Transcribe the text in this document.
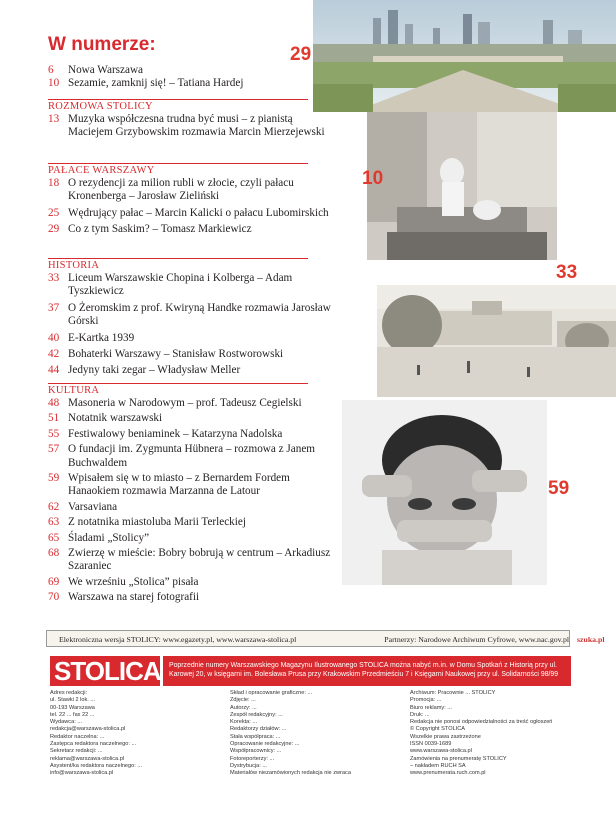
W numerze:
6	Nowa Warszawa
10 Sezamie, zamknij się! – Tatiana Hardej
ROZMOWA STOLICY
13 Muzyka współczesna trudna być musi – z pianistą Maciejem Grzybowskim rozmawia Marcin Mierzejewski
PAŁACE WARSZAWY
18 O rezydencji za milion rubli w złocie, czyli pałacu Kronenberga – Jarosław Zieliński
25 Wędrujący pałac – Marcin Kalicki o pałacu Lubomirskich
29 Co z tym Saskim? – Tomasz Markiewicz
HISTORIA
33 Liceum Warszawskie Chopina i Kolberga – Adam Tyszkiewicz
37 O Żeromskim z prof. Kwiryną Handke rozmawia Jarosław Górski
40 E-Kartka 1939
42 Bohaterki Warszawy – Stanisław Rostworowski
44 Jedyny taki zegar – Władysław Meller
KULTURA
48 Masoneria w Narodowym – prof. Tadeusz Cegielski
51 Notatnik warszawski
55 Festiwalowy beniaminek – Katarzyna Nadolska
57 O fundacji im. Zygmunta Hübnera – rozmowa z Janem Buchwaldem
59 Wpisałem się w to miasto – z Bernardem Fordem Hanaokiem rozmawia Marzanna de Latour
62 Varsaviana
63 Z notatnika miastoluba Marii Terleckiej
65 Śladami „Stolicy”
68 Zwierzę w mieście: Bobry bobrują w centrum – Arkadiusz Szaraniec
69 We wrześniu „Stolica” pisała
70 Warszawa na starej fotografii
29
10
33
59
Elektroniczna wersja STOLICY: www.egazety.pl, www.warszawa-stolica.pl	Partnerzy: Narodowe Archiwum Cyfrowe, www.nac.gov.pl szuka.pl
STOLICA	Poprzednie numery Warszawskiego Magazynu Ilustrowanego STOLICA można nabyć m.in. w Domu Spotkań z Historią przy ul. Karowej 20, w księgarni im. Bolesława Prusa przy Krakowskim Przedmieściu 7 i Księgarni Naukowej przy ul. Solidarności 98/99
Adres redakcji:
ul. Stawki 2 lok. ...
00-193 Warszawa
tel. 22 ... fax 22 ...
Wydawca: ...
redakcja@warszawa-stolica.pl
Redaktor naczelna: ...
Zastępca redaktora naczelnego: ...
Sekretarz redakcji: ...
reklama@warszawa-stolica.pl
Asystent/ka redaktora naczelnego: ...
info@warszawa-stolica.pl
Skład i opracowanie graficzne: ...
Zdjęcie: ...
Autorzy: ...
Zespół redakcyjny: ...
Korekta: ...
Redaktorzy działów: ...
Stała współpraca: ...
Opracowanie redakcyjne: ...
Współpracownicy: ...
Fotoreporterzy: ...
Dystrybucja: ...
Materiałów niezamówionych redakcja nie zwraca
Archiwum: Pracownie ... STOLICY
Promocja: ...
Biuro reklamy: ...
Druk: ...
Redakcja nie ponosi odpowiedzialności za treść ogłoszeń
© Copyright STOLICA
Wszelkie prawa zastrzeżone
ISSN 0039-1689
www.warszawa-stolica.pl
Zamówienia na prenumeratę STOLICY
– nakładem RUCH SA
www.prenumerata.ruch.com.pl
